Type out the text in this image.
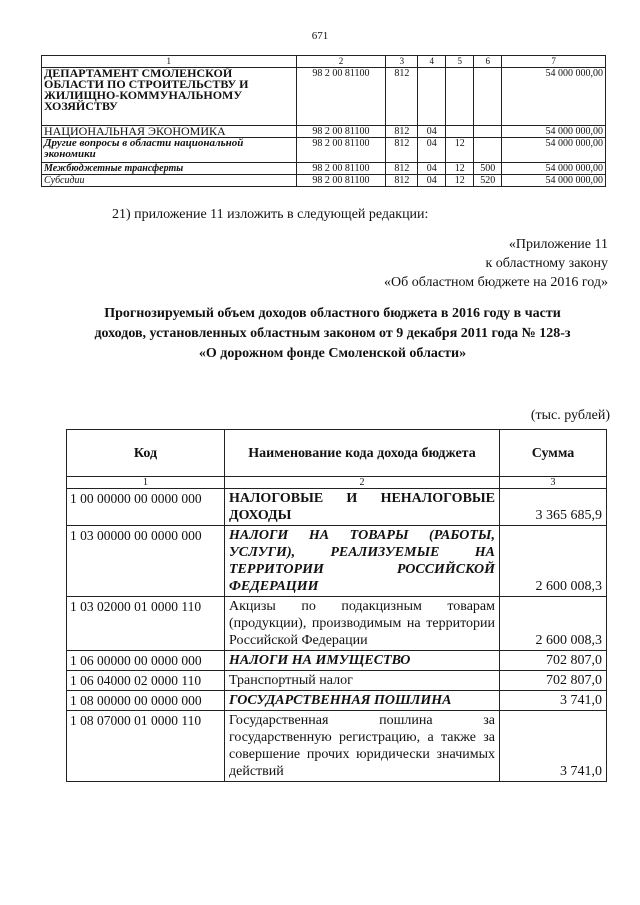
671
1	2	3	4	5	6	7
ДЕПАРТАМЕНТ СМОЛЕНСКОЙ ОБЛАСТИ ПО СТРОИТЕЛЬСТВУ И ЖИЛИЩНО-КОММУНАЛЬНОМУ ХОЗЯЙСТВУ	98 2 00 81100	812				54 000 000,00
НАЦИОНАЛЬНАЯ ЭКОНОМИКА	98 2 00 81100	812	04			54 000 000,00
Другие вопросы в области национальной экономики	98 2 00 81100	812	04	12		54 000 000,00
Межбюджетные трансферты	98 2 00 81100	812	04	12	500	54 000 000,00
Субсидии	98 2 00 81100	812	04	12	520	54 000 000,00
21) приложение 11 изложить в следующей редакции:
«Приложение 11
к областному закону
«Об областном бюджете на 2016 год»
Прогнозируемый объем доходов областного бюджета в 2016 году в части
доходов, установленных областным законом от 9 декабря 2011 года № 128-з
«О дорожном фонде Смоленской области»
(тыс. рублей)
Код	Наименование кода дохода бюджета	Сумма
1	2	3
1 00 00000 00 0000 000	НАЛОГОВЫЕ И НЕНАЛОГОВЫЕ ДОХОДЫ	3 365 685,9
1 03 00000 00 0000 000	НАЛОГИ НА ТОВАРЫ (РАБОТЫ, УСЛУГИ), РЕАЛИЗУЕМЫЕ НА ТЕРРИТОРИИ РОССИЙСКОЙ ФЕДЕРАЦИИ	2 600 008,3
1 03 02000 01 0000 110	Акцизы по подакцизным товарам (продукции), производимым на территории Российской Федерации	2 600 008,3
1 06 00000 00 0000 000	НАЛОГИ НА ИМУЩЕСТВО	702 807,0
1 06 04000 02 0000 110	Транспортный налог	702 807,0
1 08 00000 00 0000 000	ГОСУДАРСТВЕННАЯ ПОШЛИНА	3 741,0
1 08 07000 01 0000 110	Государственная пошлина за государственную регистрацию, а также за совершение прочих юридически значимых действий	3 741,0
